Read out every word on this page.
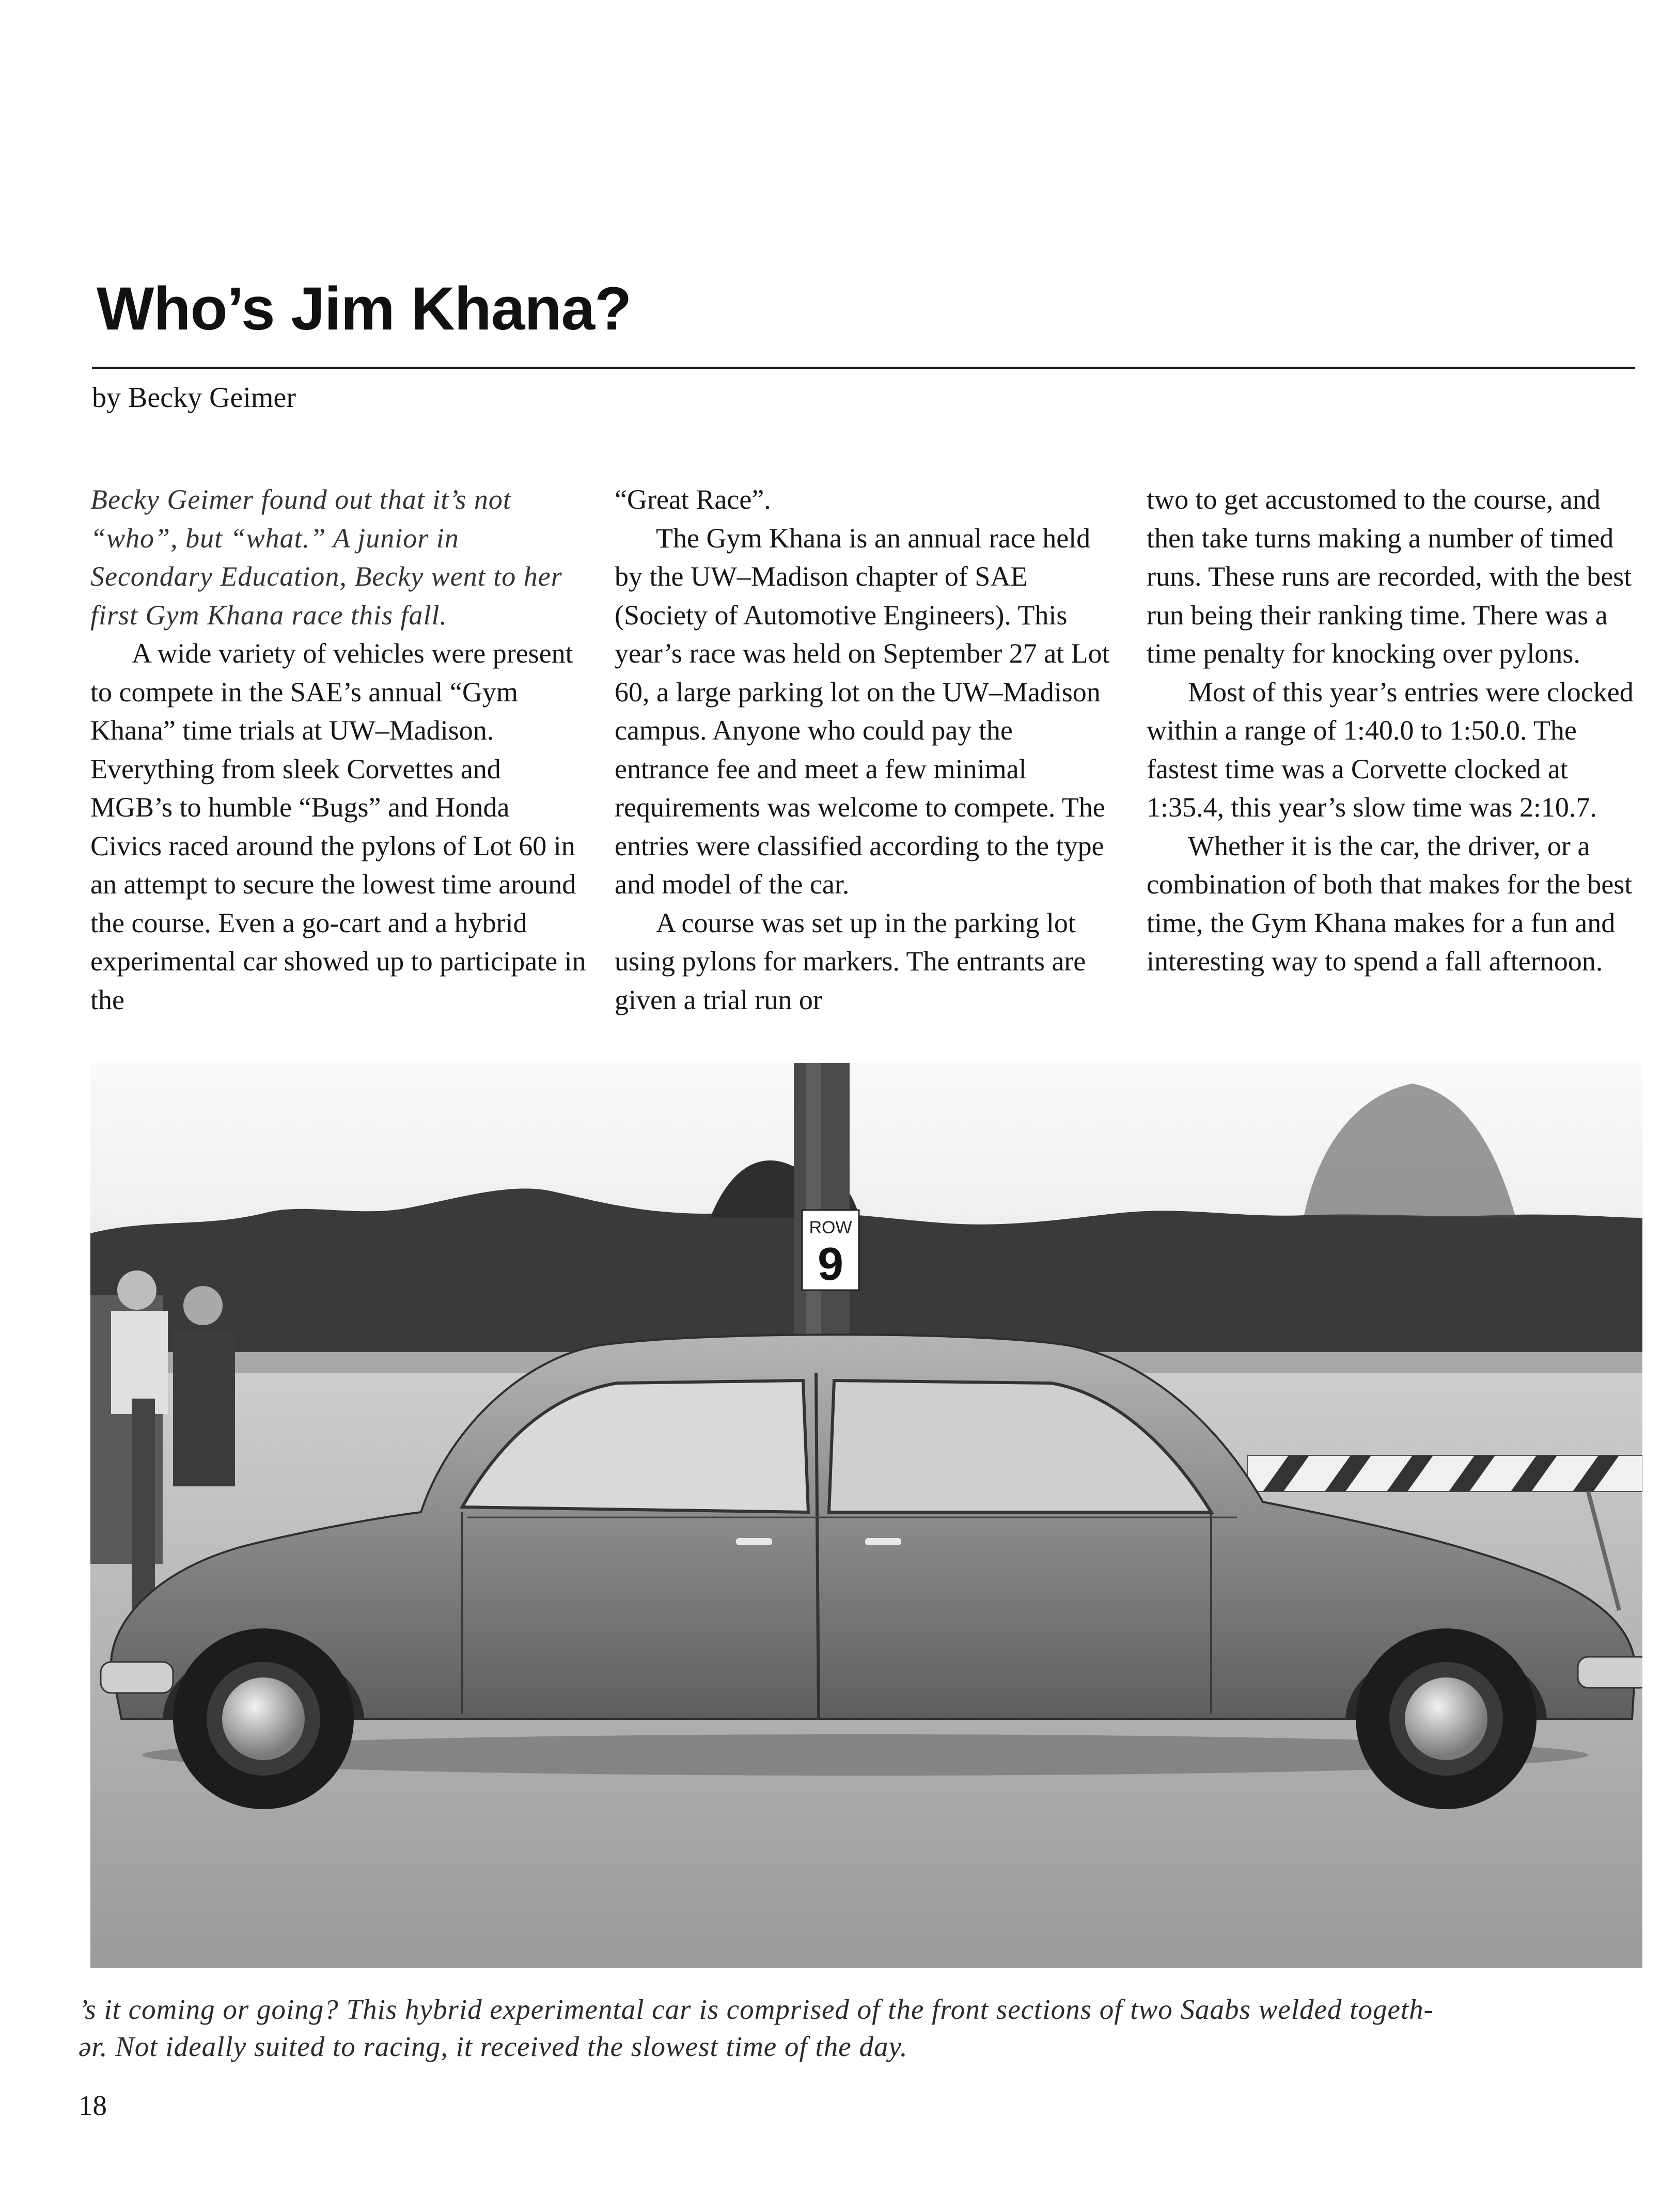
Who’s Jim Khana?
by Becky Geimer

Becky Geimer found out that it’s not “who”, but “what.” A junior in Secondary Education, Becky went to her first Gym Khana race this fall.

A wide variety of vehicles were present to compete in the SAE’s annual “Gym Khana” time trials at UW–Madison. Everything from sleek Corvettes and MGB’s to humble “Bugs” and Honda Civics raced around the pylons of Lot 60 in an attempt to secure the lowest time around the course. Even a go-cart and a hybrid experimental car showed up to participate in the

“Great Race”.

The Gym Khana is an annual race held by the UW–Madison chapter of SAE (Society of Automotive Engineers). This year’s race was held on September 27 at Lot 60, a large parking lot on the UW–Madison campus. Anyone who could pay the entrance fee and meet a few minimal requirements was welcome to compete. The entries were classified according to the type and model of the car.

A course was set up in the parking lot using pylons for markers. The entrants are given a trial run or

two to get accustomed to the course, and then take turns making a number of timed runs. These runs are recorded, with the best run being their ranking time. There was a time penalty for knocking over pylons.

Most of this year’s entries were clocked within a range of 1:40.0 to 1:50.0. The fastest time was a Corvette clocked at 1:35.4, this year’s slow time was 2:10.7.

Whether it is the car, the driver, or a combination of both that makes for the best time, the Gym Khana makes for a fun and interesting way to spend a fall afternoon.

ROW
9

’s it coming or going? This hybrid experimental car is comprised of the front sections of two Saabs welded togeth-

ər. Not ideally suited to racing, it received the slowest time of the day.

18
